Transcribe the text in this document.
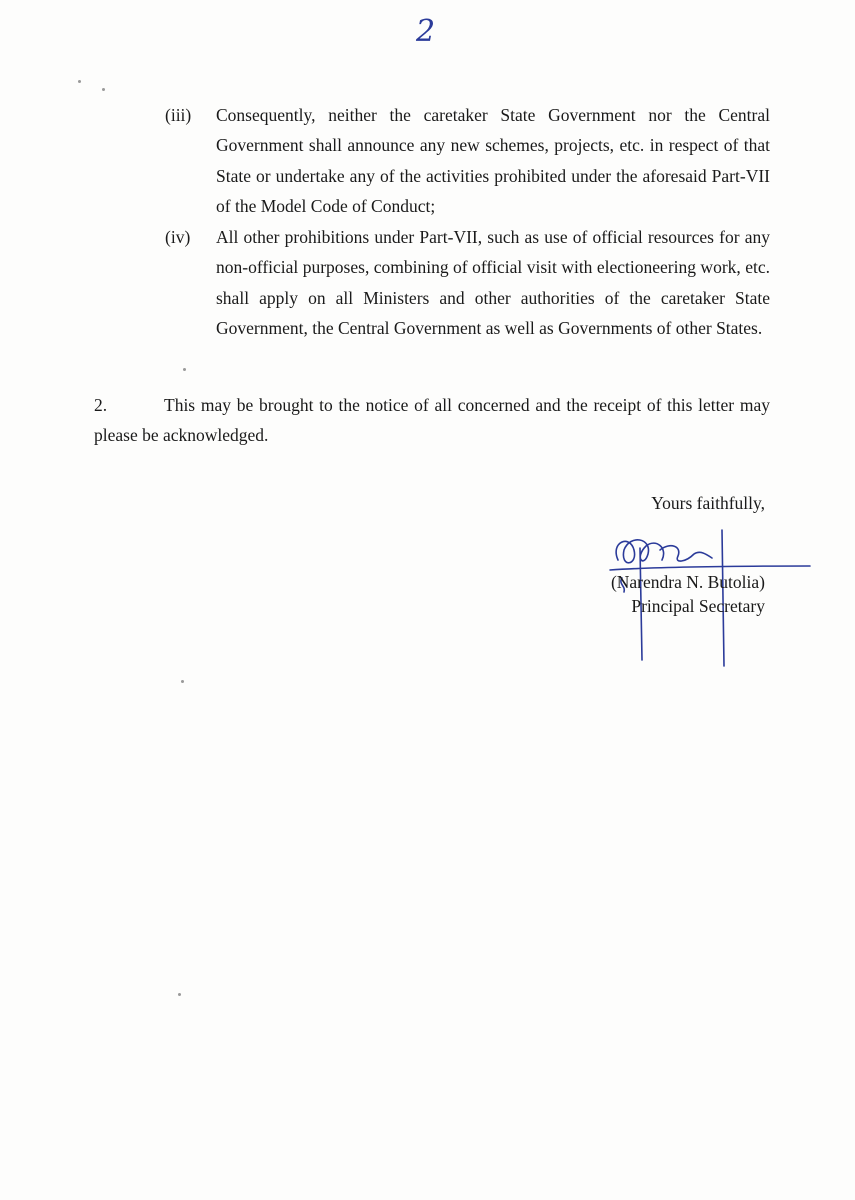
2
(iii) Consequently, neither the caretaker State Government nor the Central Government shall announce any new schemes, projects, etc. in respect of that State or undertake any of the activities prohibited under the aforesaid Part-VII of the Model Code of Conduct;
(iv) All other prohibitions under Part-VII, such as use of official resources for any non-official purposes, combining of official visit with electioneering work, etc. shall apply on all Ministers and other authorities of the caretaker State Government, the Central Government as well as Governments of other States.
2.	This may be brought to the notice of all concerned and the receipt of this letter may please be acknowledged.
Yours faithfully,
(Narendra N. Butolia)
Principal Secretary
